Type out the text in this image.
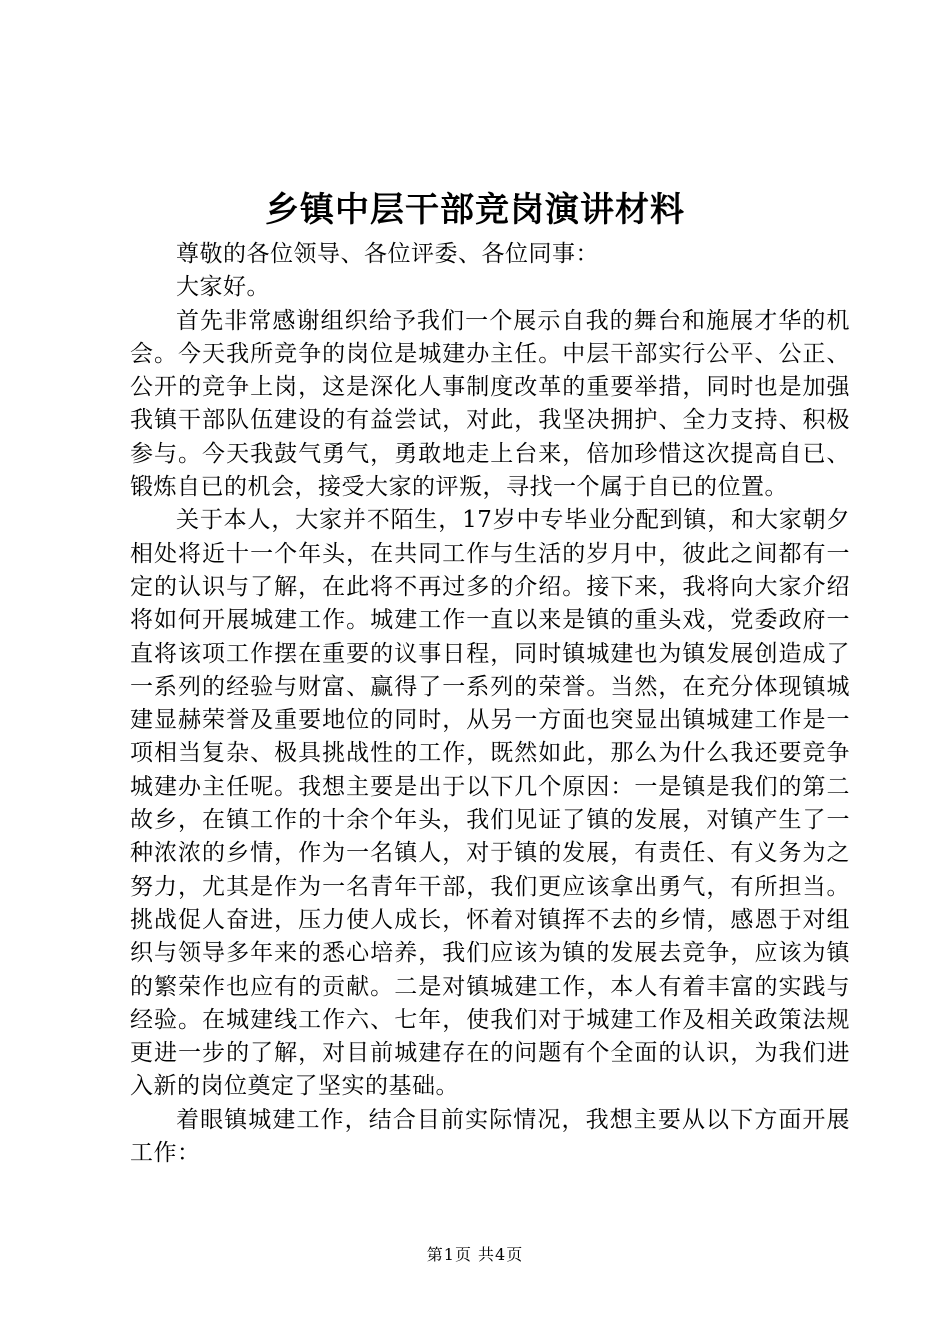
乡镇中层干部竞岗演讲材料

尊敬的各位领导、各位评委、各位同事：

大家好。

首先非常感谢组织给予我们一个展示自我的舞台和施展才华的机会。今天我所竞争的岗位是城建办主任。中层干部实行公平、公正、公开的竞争上岗，这是深化人事制度改革的重要举措，同时也是加强我镇干部队伍建设的有益尝试，对此，我坚决拥护、全力支持、积极参与。今天我鼓气勇气，勇敢地走上台来，倍加珍惜这次提高自已、锻炼自已的机会，接受大家的评叛，寻找一个属于自已的位置。

关于本人，大家并不陌生，17岁中专毕业分配到镇，和大家朝夕相处将近十一个年头，在共同工作与生活的岁月中，彼此之间都有一定的认识与了解，在此将不再过多的介绍。接下来，我将向大家介绍将如何开展城建工作。城建工作一直以来是镇的重头戏，党委政府一直将该项工作摆在重要的议事日程，同时镇城建也为镇发展创造成了一系列的经验与财富、赢得了一系列的荣誉。当然，在充分体现镇城建显赫荣誉及重要地位的同时，从另一方面也突显出镇城建工作是一项相当复杂、极具挑战性的工作，既然如此，那么为什么我还要竞争城建办主任呢。我想主要是出于以下几个原因：一是镇是我们的第二故乡，在镇工作的十余个年头，我们见证了镇的发展，对镇产生了一种浓浓的乡情，作为一名镇人，对于镇的发展，有责任、有义务为之努力，尤其是作为一名青年干部，我们更应该拿出勇气，有所担当。挑战促人奋进，压力使人成长，怀着对镇挥不去的乡情，感恩于对组织与领导多年来的悉心培养，我们应该为镇的发展去竞争，应该为镇的繁荣作也应有的贡献。二是对镇城建工作，本人有着丰富的实践与经验。在城建线工作六、七年，使我们对于城建工作及相关政策法规更进一步的了解，对目前城建存在的问题有个全面的认识，为我们进入新的岗位奠定了坚实的基础。

着眼镇城建工作，结合目前实际情况，我想主要从以下方面开展工作：

第1页 共4页
